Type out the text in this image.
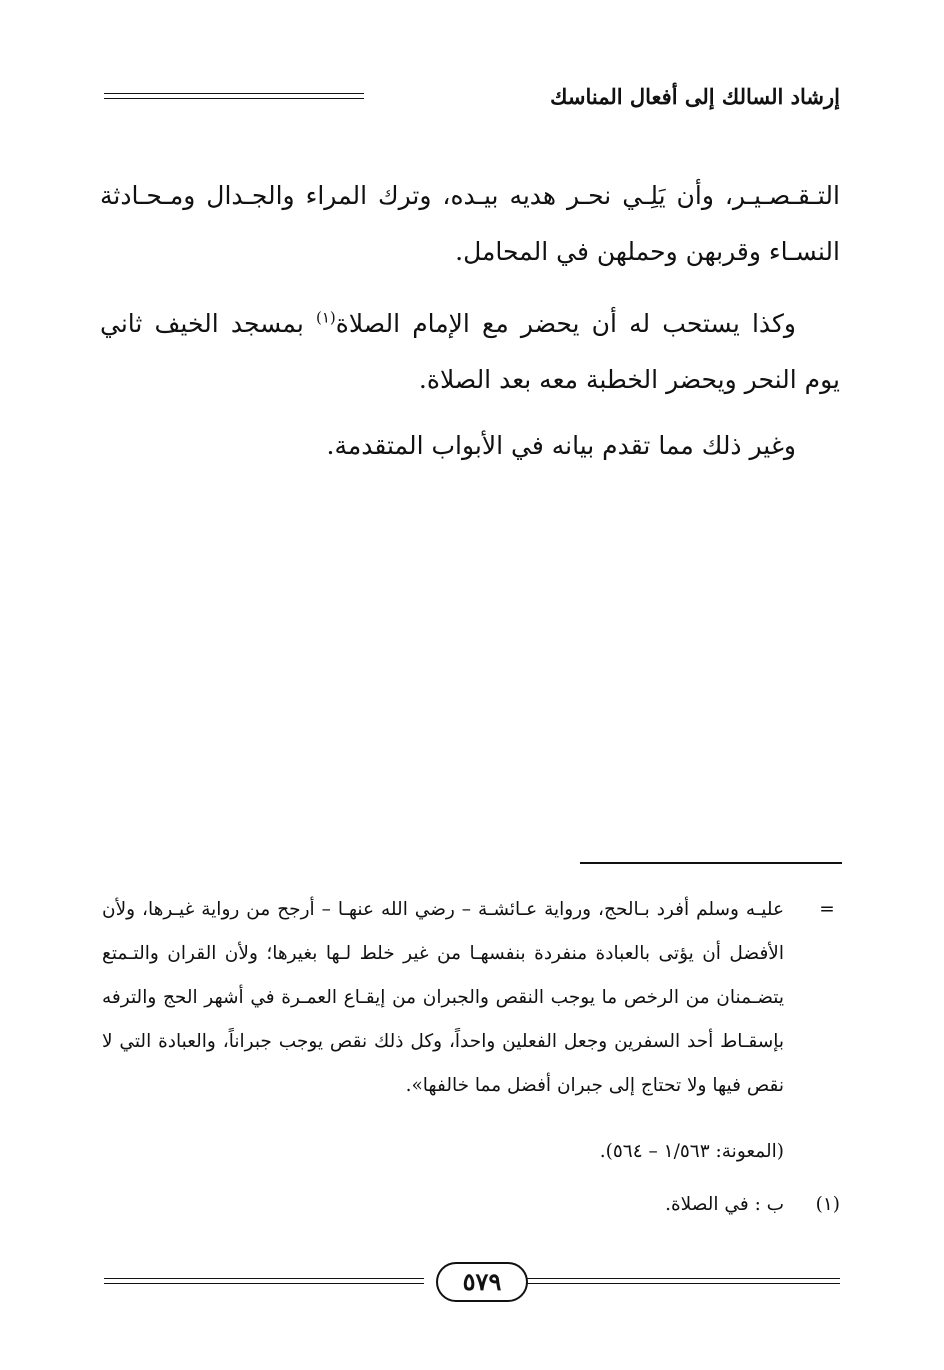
إرشاد السالك إلى أفعال المناسك
التـقـصـيـر، وأن يَلِـي نحـر هديه بيـده، وترك المراء والجـدال ومـحـادثة النسـاء وقربهن وحملهن في المحامل.
وكذا يستحب له أن يحضر مع الإمام الصلاة$^{(١)}$ بمسجد الخيف ثاني يوم النحر ويحضر الخطبة معه بعد الصلاة.
وغير ذلك مما تقدم بيانه في الأبواب المتقدمة.
=
عليـه وسلم أفرد بـالحج، ورواية عـائشـة – رضي الله عنهـا – أرجح من رواية غيـرها، ولأن الأفضل أن يؤتى بالعبادة منفردة بنفسهـا من غير خلط لـها بغيرها؛ ولأن القران والتـمتع يتضـمنان من الرخص ما يوجب النقص والجبران من إيقـاع العمـرة في أشهر الحج والترفه بإسقـاط أحد السفرين وجعل الفعلين واحداً، وكل ذلك نقص يوجب جبراناً، والعبادة التي لا نقص فيها ولا تحتاج إلى جبران أفضل مما خالفها».
(المعونة: ١/٥٦٣ – ٥٦٤).
(١) ب : في الصلاة.
٥٧٩
